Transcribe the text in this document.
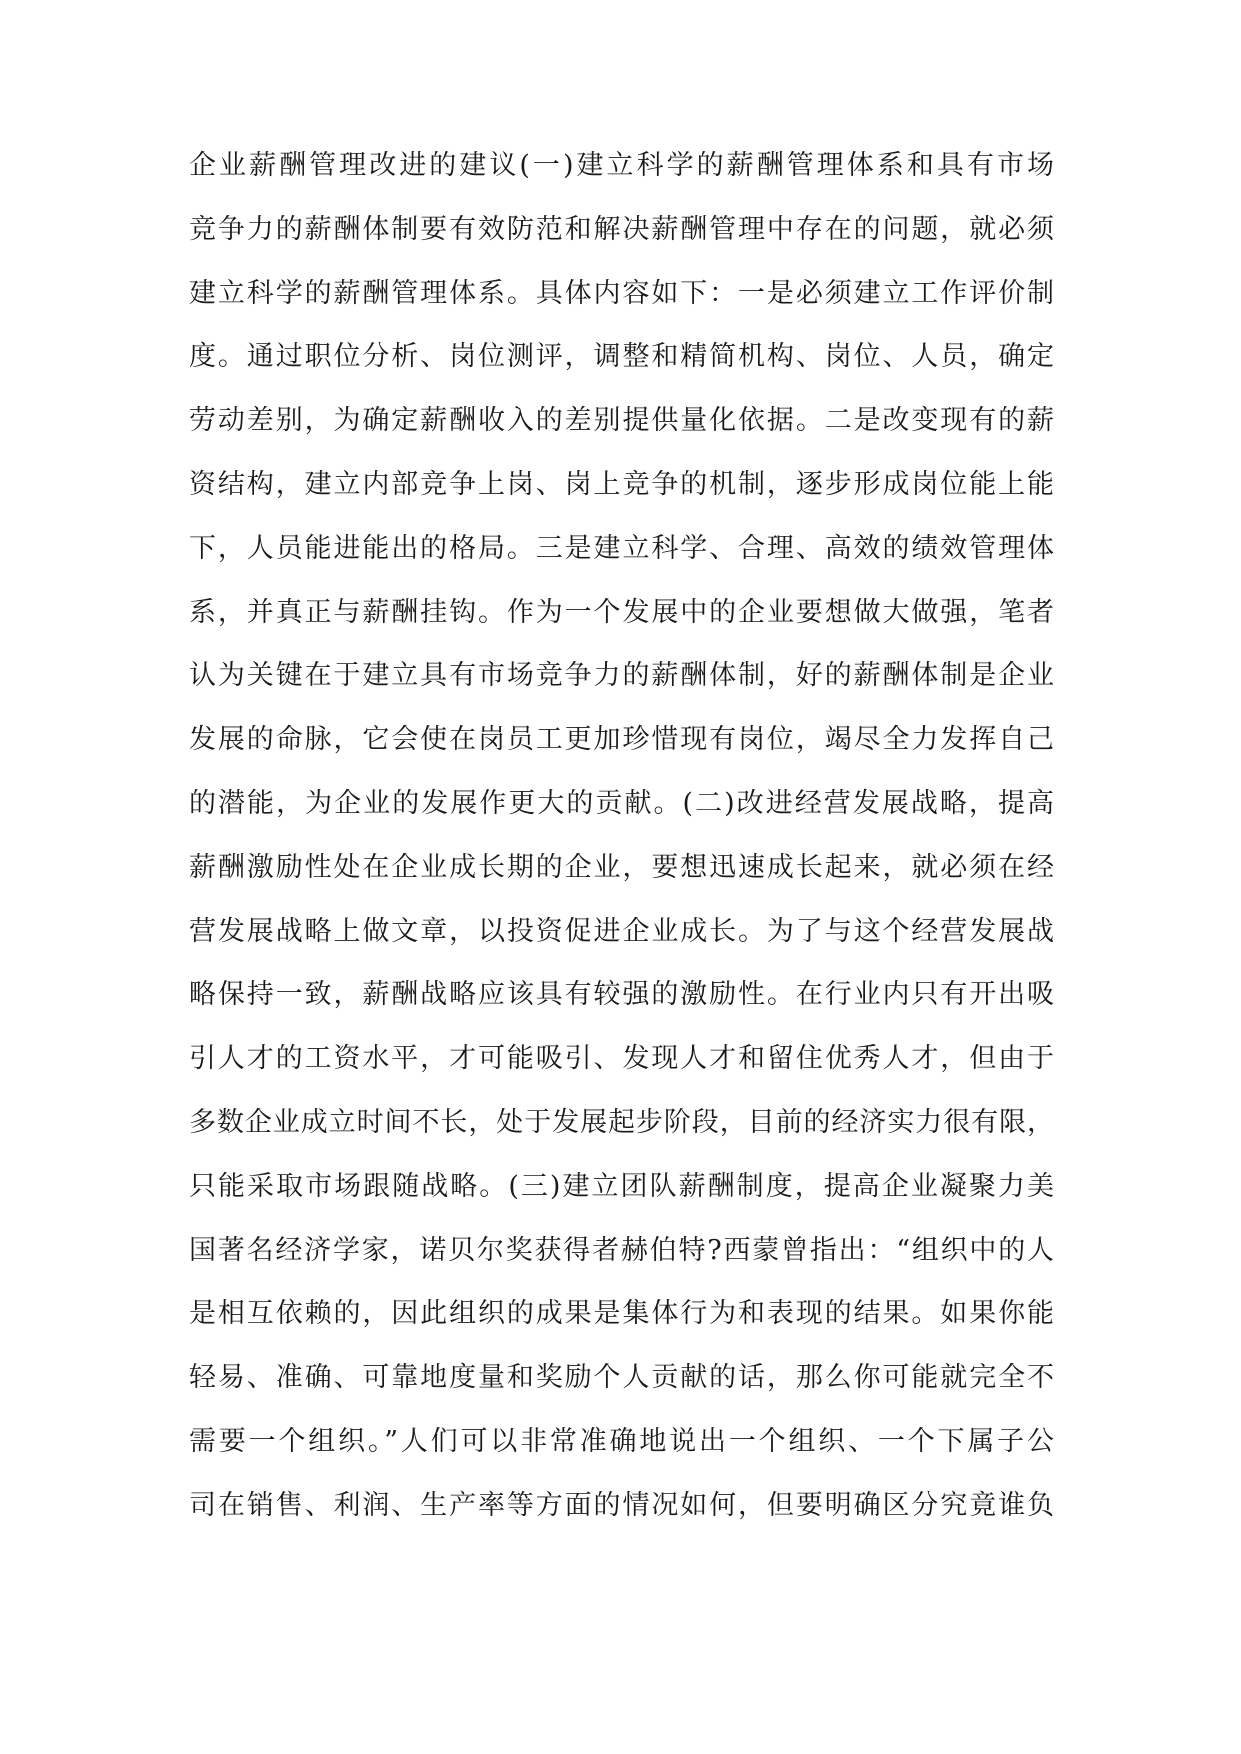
企业薪酬管理改进的建议(一)建立科学的薪酬管理体系和具有市场
竞争力的薪酬体制要有效防范和解决薪酬管理中存在的问题，就必须
建立科学的薪酬管理体系。具体内容如下：一是必须建立工作评价制
度。通过职位分析、岗位测评，调整和精简机构、岗位、人员，确定
劳动差别，为确定薪酬收入的差别提供量化依据。二是改变现有的薪
资结构，建立内部竞争上岗、岗上竞争的机制，逐步形成岗位能上能
下，人员能进能出的格局。三是建立科学、合理、高效的绩效管理体
系，并真正与薪酬挂钩。作为一个发展中的企业要想做大做强，笔者
认为关键在于建立具有市场竞争力的薪酬体制，好的薪酬体制是企业
发展的命脉，它会使在岗员工更加珍惜现有岗位，竭尽全力发挥自己
的潜能，为企业的发展作更大的贡献。(二)改进经营发展战略，提高
薪酬激励性处在企业成长期的企业，要想迅速成长起来，就必须在经
营发展战略上做文章，以投资促进企业成长。为了与这个经营发展战
略保持一致，薪酬战略应该具有较强的激励性。在行业内只有开出吸
引人才的工资水平，才可能吸引、发现人才和留住优秀人才，但由于
多数企业成立时间不长，处于发展起步阶段，目前的经济实力很有限，
只能采取市场跟随战略。(三)建立团队薪酬制度，提高企业凝聚力美
国著名经济学家，诺贝尔奖获得者赫伯特?西蒙曾指出：“组织中的人
是相互依赖的，因此组织的成果是集体行为和表现的结果。如果你能
轻易、准确、可靠地度量和奖励个人贡献的话，那么你可能就完全不
需要一个组织。”人们可以非常准确地说出一个组织、一个下属子公
司在销售、利润、生产率等方面的情况如何，但要明确区分究竟谁负
